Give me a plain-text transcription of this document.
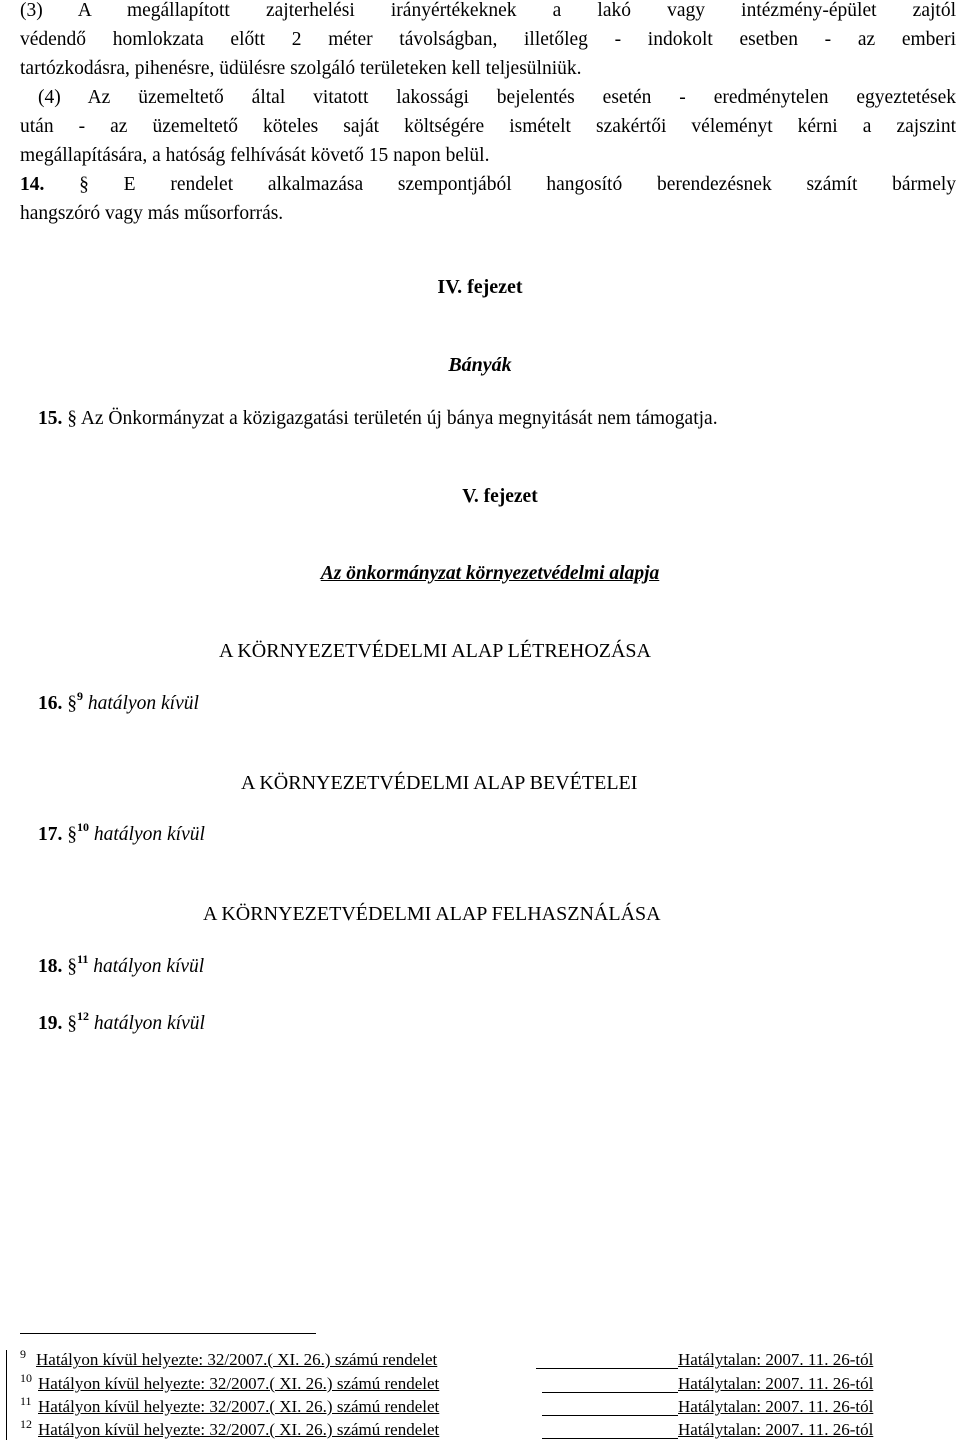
(3) A megállapított zajterhelési irányértékeknek a lakó vagy intézmény-épület zajtól
védendő homlokzata előtt 2 méter távolságban, illetőleg - indokolt esetben - az emberi
tartózkodásra, pihenésre, üdülésre szolgáló területeken kell teljesülniük.
(4) Az üzemeltető által vitatott lakossági bejelentés esetén - eredménytelen egyeztetések
után - az üzemeltető köteles saját költségére ismételt szakértői véleményt kérni a zajszint
megállapítására, a hatóság felhívását követő 15 napon belül.
14. § E rendelet alkalmazása szempontjából hangosító berendezésnek számít bármely
hangszóró vagy más műsorforrás.
IV. fejezet
Bányák
15. § Az Önkormányzat a közigazgatási területén új bánya megnyitását nem támogatja.
V. fejezet
Az önkormányzat környezetvédelmi alapja
A KÖRNYEZETVÉDELMI ALAP LÉTREHOZÁSA
16. §$^9$ hatályon kívül
A KÖRNYEZETVÉDELMI ALAP BEVÉTELEI
17. §$^{10}$ hatályon kívül
A KÖRNYEZETVÉDELMI ALAP FELHASZNÁLÁSA
18. §$^{11}$ hatályon kívül
19. §$^{12}$ hatályon kívül
9 Hatályon kívül helyezte: 32/2007.( XI. 26.) számú rendelet	Hatálytalan: 2007. 11. 26-tól
10 Hatályon kívül helyezte: 32/2007.( XI. 26.) számú rendelet	Hatálytalan: 2007. 11. 26-tól
11 Hatályon kívül helyezte: 32/2007.( XI. 26.) számú rendelet	Hatálytalan: 2007. 11. 26-tól
12 Hatályon kívül helyezte: 32/2007.( XI. 26.) számú rendelet	Hatálytalan: 2007. 11. 26-tól
